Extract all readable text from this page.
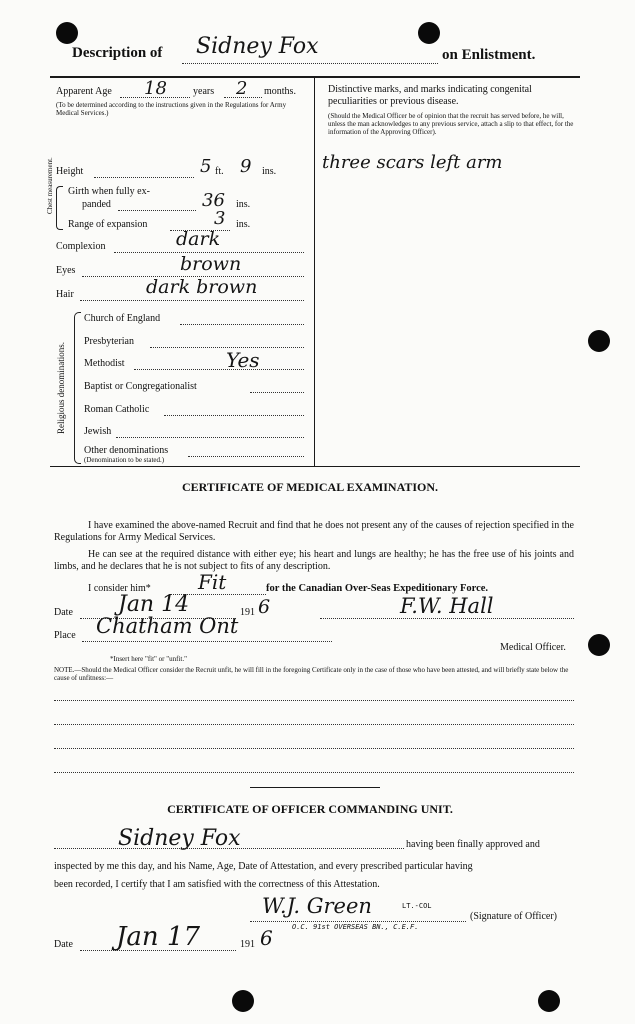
Description of Sidney Fox	on Enlistment.
Apparent Age 18	years 2 months.
(To be determined according to the instructions given in the Regulations for Army Medical Services.)
Height	5 ft. 9 ins.
Chest measurement. Girth when fully ex-
panded	36 ins.
Range of expansion	3 ins.
Complexion	dark
Eyes	brown
Hair	dark brown
Religious denominations.
Church of England
Presbyterian
Methodist	Yes
Baptist or Congregationalist
Roman Catholic
Jewish
Other denominations
(Denomination to be stated.)
Distinctive marks, and marks indicating congenital peculiarities or previous disease.
(Should the Medical Officer be of opinion that the recruit has served before, he will, unless the man acknowledges to any previous service, attach a slip to that effect, for the information of the Approving Officer).
three scars left arm
CERTIFICATE OF MEDICAL EXAMINATION.
I have examined the above-named Recruit and find that he does not present any of the causes of rejection specified in the Regulations for Army Medical Services.
He can see at the required distance with either eye; his heart and lungs are healthy; he has the free use of his joints and limbs, and he declares that he is not subject to fits of any description.
I consider him* Fit	for the Canadian Over-Seas Expeditionary Force.
Date Jan 14	191 6	F.W. Hall
Place Chatham Ont
Medical Officer.
*Insert here "fit" or "unfit."
NOTE.—Should the Medical Officer consider the Recruit unfit, he will fill in the foregoing Certificate only in the case of those who have been attested, and will briefly state below the cause of unfitness:—
CERTIFICATE OF OFFICER COMMANDING UNIT.
Sidney Fox	having been finally approved and
inspected by me this day, and his Name, Age, Date of Attestation, and every prescribed particular having
been recorded, I certify that I am satisfied with the correctness of this Attestation.
W.J. Green	LT.-COL
O.C. 91st OVERSEAS BN., C.E.F.
(Signature of Officer)
Date Jan 17	191 6
